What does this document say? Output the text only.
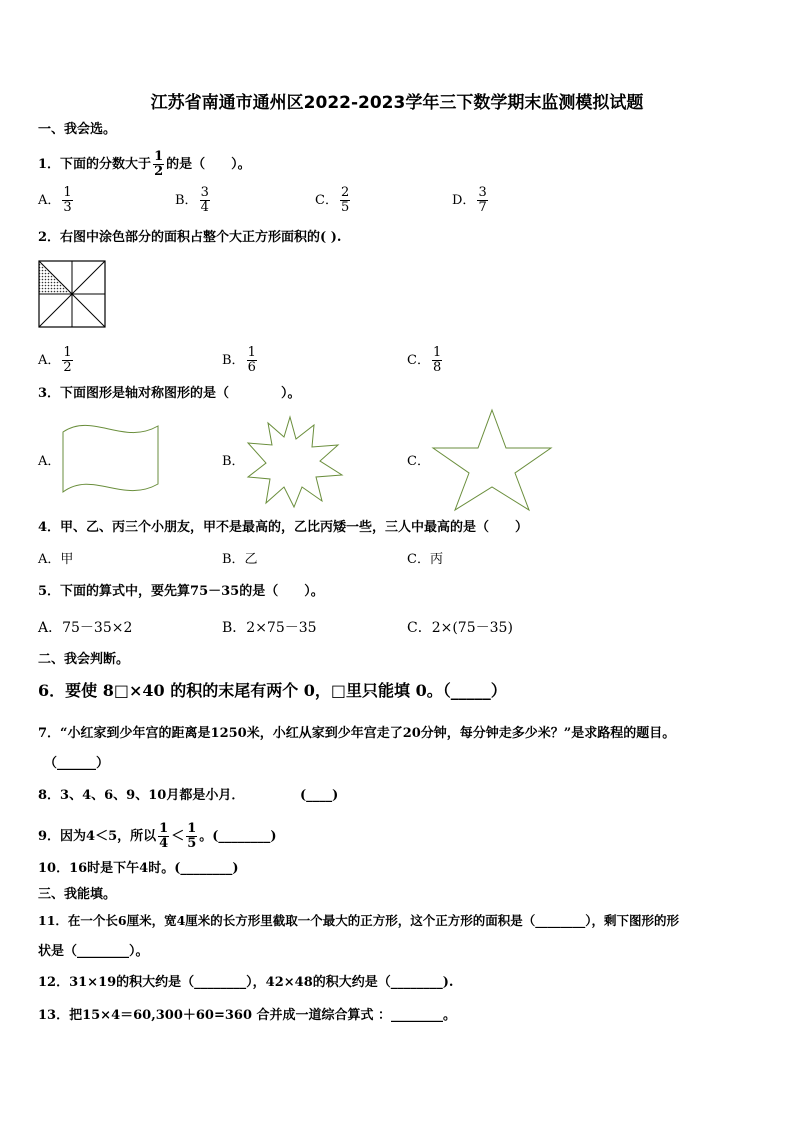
江苏省南通市通州区2022-2023学年三下数学期末监测模拟试题
一、我会选。
1．下面的分数大于 $\frac{1}{2}$ 的是（　　）。
A． $\frac{1}{3}$	B． $\frac{3}{4}$	C． $\frac{2}{5}$	D． $\frac{3}{7}$
2．右图中涂色部分的面积占整个大正方形面积的( ).
A． $\frac{1}{2}$	B． $\frac{1}{6}$	C． $\frac{1}{8}$
3．下面图形是轴对称图形的是（　　　　）。
A．	B．	C．
4．甲、乙、丙三个小朋友，甲不是最高的，乙比丙矮一些，三人中最高的是（　　）
A．甲	B．乙	C．丙
5．下面的算式中，要先算75－35的是（　　）。
A．75－35×2	B．2×75－35	C．2×(75－35)
二、我会判断。
6．要使 8□×40 的积的末尾有两个 0，□里只能填 0。（_____）
7．“小红家到少年宫的距离是1250米，小红从家到少年宫走了20分钟，每分钟走多少米？”是求路程的题目。
（______）
8．3、4、6、9、10月都是小月．	(____)
9．因为4＜5，所以 $\frac{1}{4} < \frac{1}{5}$ 。(________)
10．16时是下午4时。(________)
三、我能填。
11．在一个长6厘米，宽4厘米的长方形里截取一个最大的正方形，这个正方形的面积是（________），剩下图形的形
状是（________）。
12．31×19的积大约是（________），42×48的积大约是（________).
13．把15×4＝60,300＋60=360 合并成一道综合算式 ：________。
